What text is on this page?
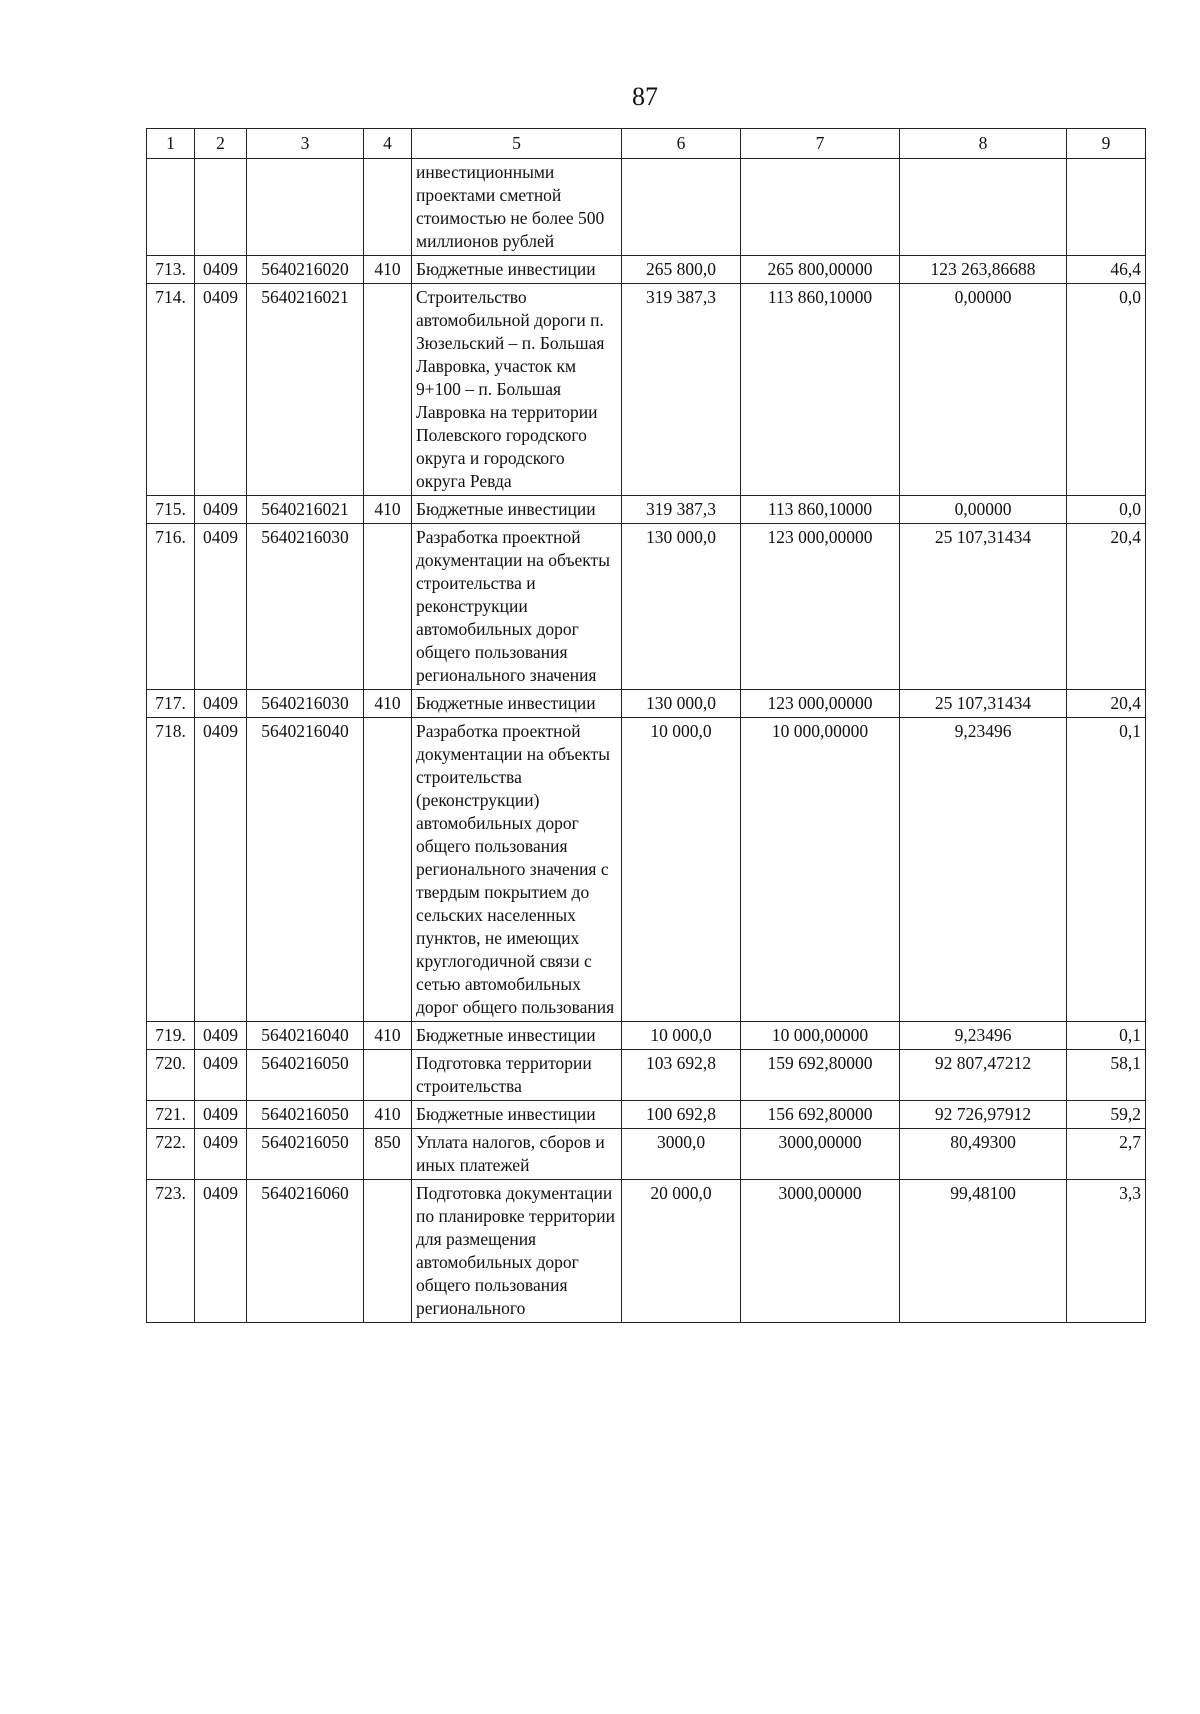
87
1	2	3	4	5	6	7	8	9
				инвестиционными проектами сметной стоимостью не более 500 миллионов рублей				
713.	0409	5640216020	410	Бюджетные инвестиции	265 800,0	265 800,00000	123 263,86688	46,4
714.	0409	5640216021		Строительство автомобильной дороги п. Зюзельский – п. Большая Лавровка, участок км 9+100 – п. Большая Лавровка на территории Полевского городского округа и городского округа Ревда	319 387,3	113 860,10000	0,00000	0,0
715.	0409	5640216021	410	Бюджетные инвестиции	319 387,3	113 860,10000	0,00000	0,0
716.	0409	5640216030		Разработка проектной документации на объекты строительства и реконструкции автомобильных дорог общего пользования регионального значения	130 000,0	123 000,00000	25 107,31434	20,4
717.	0409	5640216030	410	Бюджетные инвестиции	130 000,0	123 000,00000	25 107,31434	20,4
718.	0409	5640216040		Разработка проектной документации на объекты строительства (реконструкции) автомобильных дорог общего пользования регионального значения с твердым покрытием до сельских населенных пунктов, не имеющих круглогодичной связи с сетью автомобильных дорог общего пользования	10 000,0	10 000,00000	9,23496	0,1
719.	0409	5640216040	410	Бюджетные инвестиции	10 000,0	10 000,00000	9,23496	0,1
720.	0409	5640216050		Подготовка территории строительства	103 692,8	159 692,80000	92 807,47212	58,1
721.	0409	5640216050	410	Бюджетные инвестиции	100 692,8	156 692,80000	92 726,97912	59,2
722.	0409	5640216050	850	Уплата налогов, сборов и иных платежей	3000,0	3000,00000	80,49300	2,7
723.	0409	5640216060		Подготовка документации по планировке территории для размещения автомобильных дорог общего пользования регионального	20 000,0	3000,00000	99,48100	3,3
